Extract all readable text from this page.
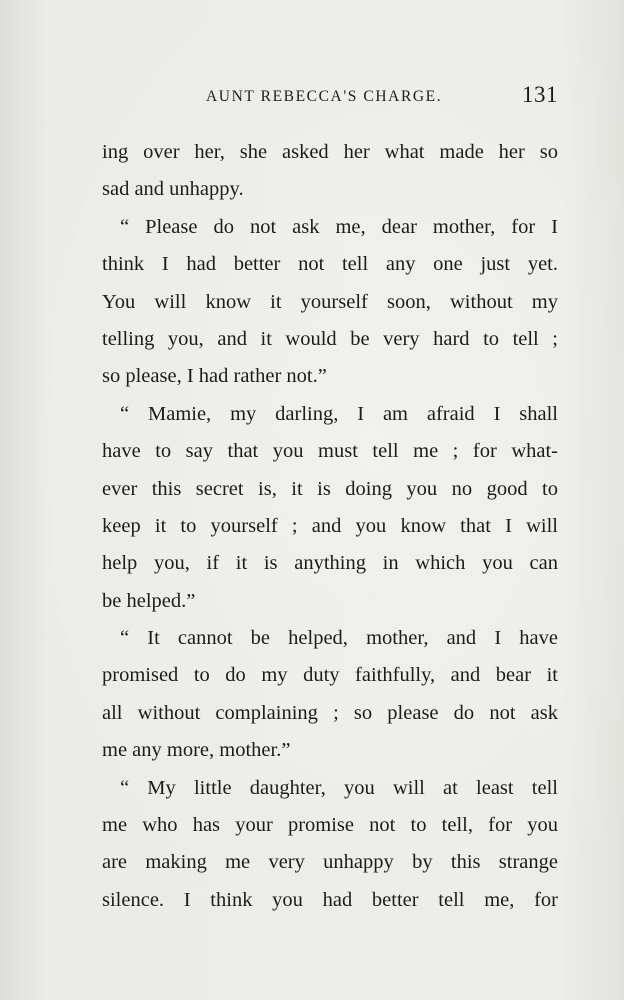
AUNT REBECCA'S CHARGE.	131
ing over her, she asked her what made her so
sad and unhappy.
“ Please do not ask me, dear mother, for I
think I had better not tell any one just yet.
You will know it yourself soon, without my
telling you, and it would be very hard to tell ;
so please, I had rather not.”
“ Mamie, my darling, I am afraid I shall
have to say that you must tell me ; for what-
ever this secret is, it is doing you no good to
keep it to yourself ; and you know that I will
help you, if it is anything in which you can
be helped.”
“ It cannot be helped, mother, and I have
promised to do my duty faithfully, and bear it
all without complaining ; so please do not ask
me any more, mother.”
“ My little daughter, you will at least tell
me who has your promise not to tell, for you
are making me very unhappy by this strange
silence. I think you had better tell me, for
